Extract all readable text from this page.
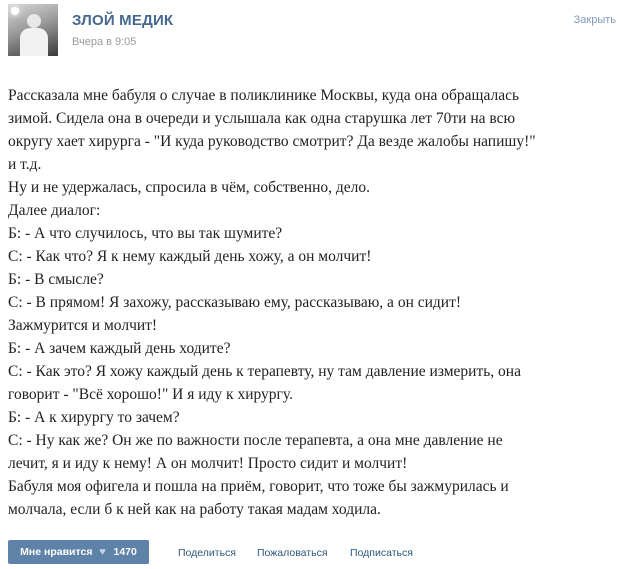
ЗЛОЙ МЕДИК
Вчера в 9:05
Закрыть
Рассказала мне бабуля о случае в поликлинике Москвы, куда она обращалась
зимой. Сидела она в очереди и услышала как одна старушка лет 70ти на всю
округу хает хирурга - "И куда руководство смотрит? Да везде жалобы напишу!"
и т.д.
Ну и не удержалась, спросила в чём, собственно, дело.
Далее диалог:
Б: - А что случилось, что вы так шумите?
С: - Как что? Я к нему каждый день хожу, а он молчит!
Б: - В смысле?
С: - В прямом! Я захожу, рассказываю ему, рассказываю, а он сидит!
Зажмурится и молчит!
Б: - А зачем каждый день ходите?
С: - Как это? Я хожу каждый день к терапевту, ну там давление измерить, она
говорит - "Всё хорошо!" И я иду к хирургу.
Б: - А к хирургу то зачем?
С: - Ну как же? Он же по важности после терапевта, а она мне давление не
лечит, я и иду к нему! А он молчит! Просто сидит и молчит!
Бабуля моя офигела и пошла на приём, говорит, что тоже бы зажмурилась и
молчала, если б к ней как на работу такая мадам ходила.
Мне нравится ♥ 1470	Поделиться Пожаловаться Подписаться
